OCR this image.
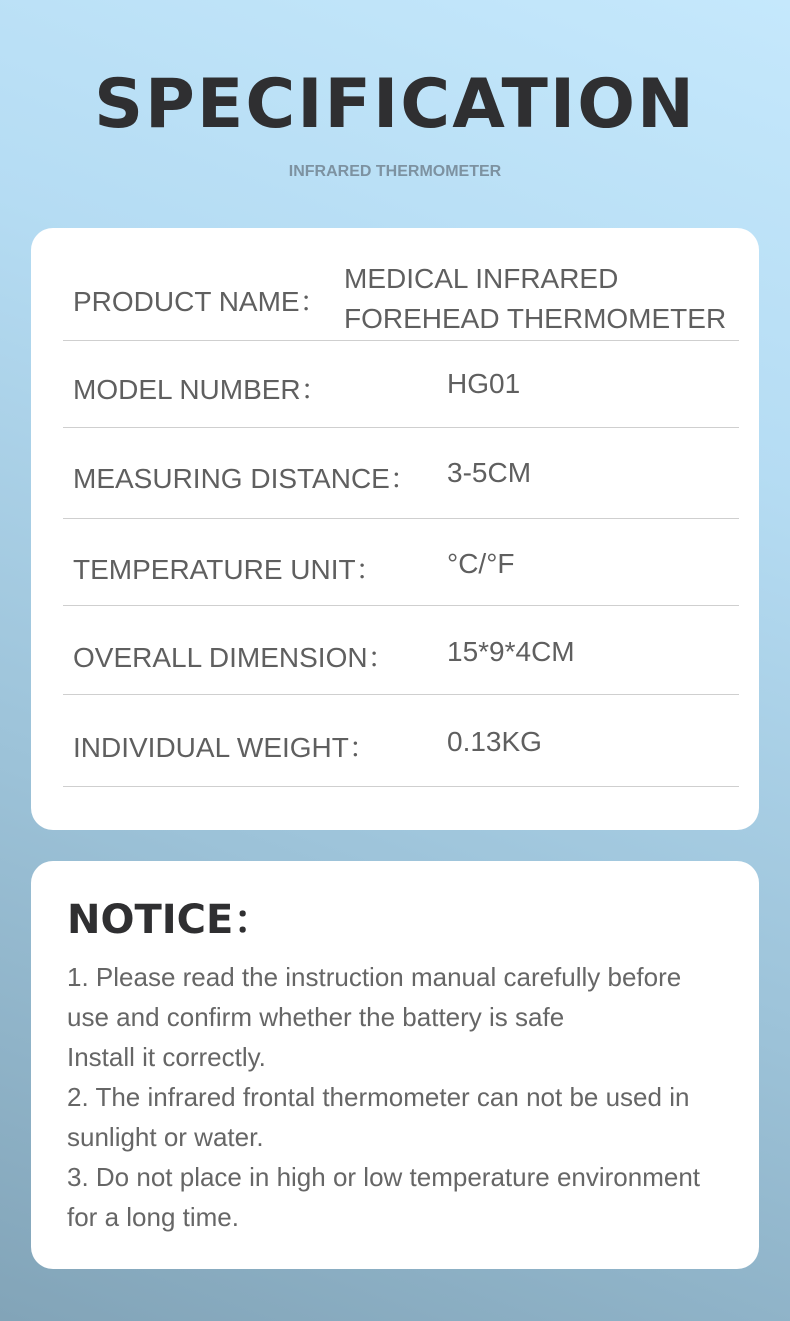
SPECIFICATION
INFRARED THERMOMETER
PRODUCT NAME：
MEDICAL INFRARED
FOREHEAD THERMOMETER
MODEL NUMBER：	HG01
MEASURING DISTANCE： 3-5CM
TEMPERATURE UNIT： °C/°F
OVERALL DIMENSION： 15*9*4CM
INDIVIDUAL WEIGHT：	0.13KG
NOTICE：
1. Please read the instruction manual carefully before
use and confirm whether the battery is safe
Install it correctly.
2. The infrared frontal thermometer can not be used in
sunlight or water.
3. Do not place in high or low temperature environment
for a long time.
